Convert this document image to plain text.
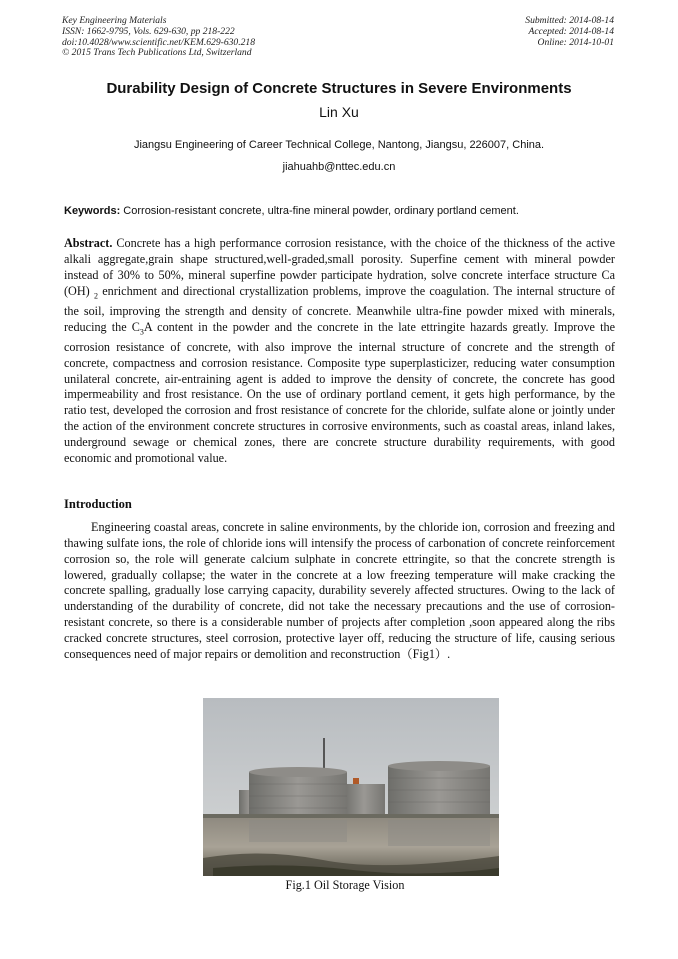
Key Engineering Materials
ISSN: 1662-9795, Vols. 629-630, pp 218-222
doi:10.4028/www.scientific.net/KEM.629-630.218
© 2015 Trans Tech Publications Ltd, Switzerland
Submitted: 2014-08-14
Accepted: 2014-08-14
Online: 2014-10-01
Durability Design of Concrete Structures in Severe Environments
Lin Xu
Jiangsu Engineering of Career Technical College, Nantong, Jiangsu, 226007, China.
jiahuahb@nttec.edu.cn
Keywords: Corrosion-resistant concrete, ultra-fine mineral powder, ordinary portland cement.
Abstract. Concrete has a high performance corrosion resistance, with the choice of the thickness of the active alkali aggregate,grain shape structured,well-graded,small porosity. Superfine cement with mineral powder instead of 30% to 50%, mineral superfine powder participate hydration, solve concrete interface structure Ca (OH) $_2$ enrichment and directional crystallization problems, improve the coagulation. The internal structure of the soil, improving the strength and density of concrete. Meanwhile ultra-fine powder mixed with minerals, reducing the $C_3A$ content in the powder and the concrete in the late ettringite hazards greatly. Improve the corrosion resistance of concrete, with also improve the internal structure of concrete and the strength of concrete, compactness and corrosion resistance. Composite type superplasticizer, reducing water consumption unilateral concrete, air-entraining agent is added to improve the density of concrete, the concrete has good impermeability and frost resistance. On the use of ordinary portland cement, it gets high performance, by the ratio test, developed the corrosion and frost resistance of concrete for the chloride, sulfate alone or jointly under the action of the environment concrete structures in corrosive environments, such as coastal areas, inland lakes, underground sewage or chemical zones, there are concrete structure durability requirements, with good economic and promotional value.
Introduction
Engineering coastal areas, concrete in saline environments, by the chloride ion, corrosion and freezing and thawing sulfate ions, the role of chloride ions will intensify the process of carbonation of concrete reinforcement corrosion so, the role will generate calcium sulphate in concrete ettringite, so that the concrete strength is lowered, gradually collapse; the water in the concrete at a low freezing temperature will make cracking the concrete spalling, gradually lose carrying capacity, durability severely affected structures. Owing to the lack of understanding of the durability of concrete, did not take the necessary precautions and the use of corrosion-resistant concrete, so there is a considerable number of projects after completion ,soon appeared along the ribs cracked concrete structures, steel corrosion, protective layer off, reducing the structure of life, causing serious consequences need of major repairs or demolition and reconstruction（Fig1）.
Fig.1 Oil Storage Vision
